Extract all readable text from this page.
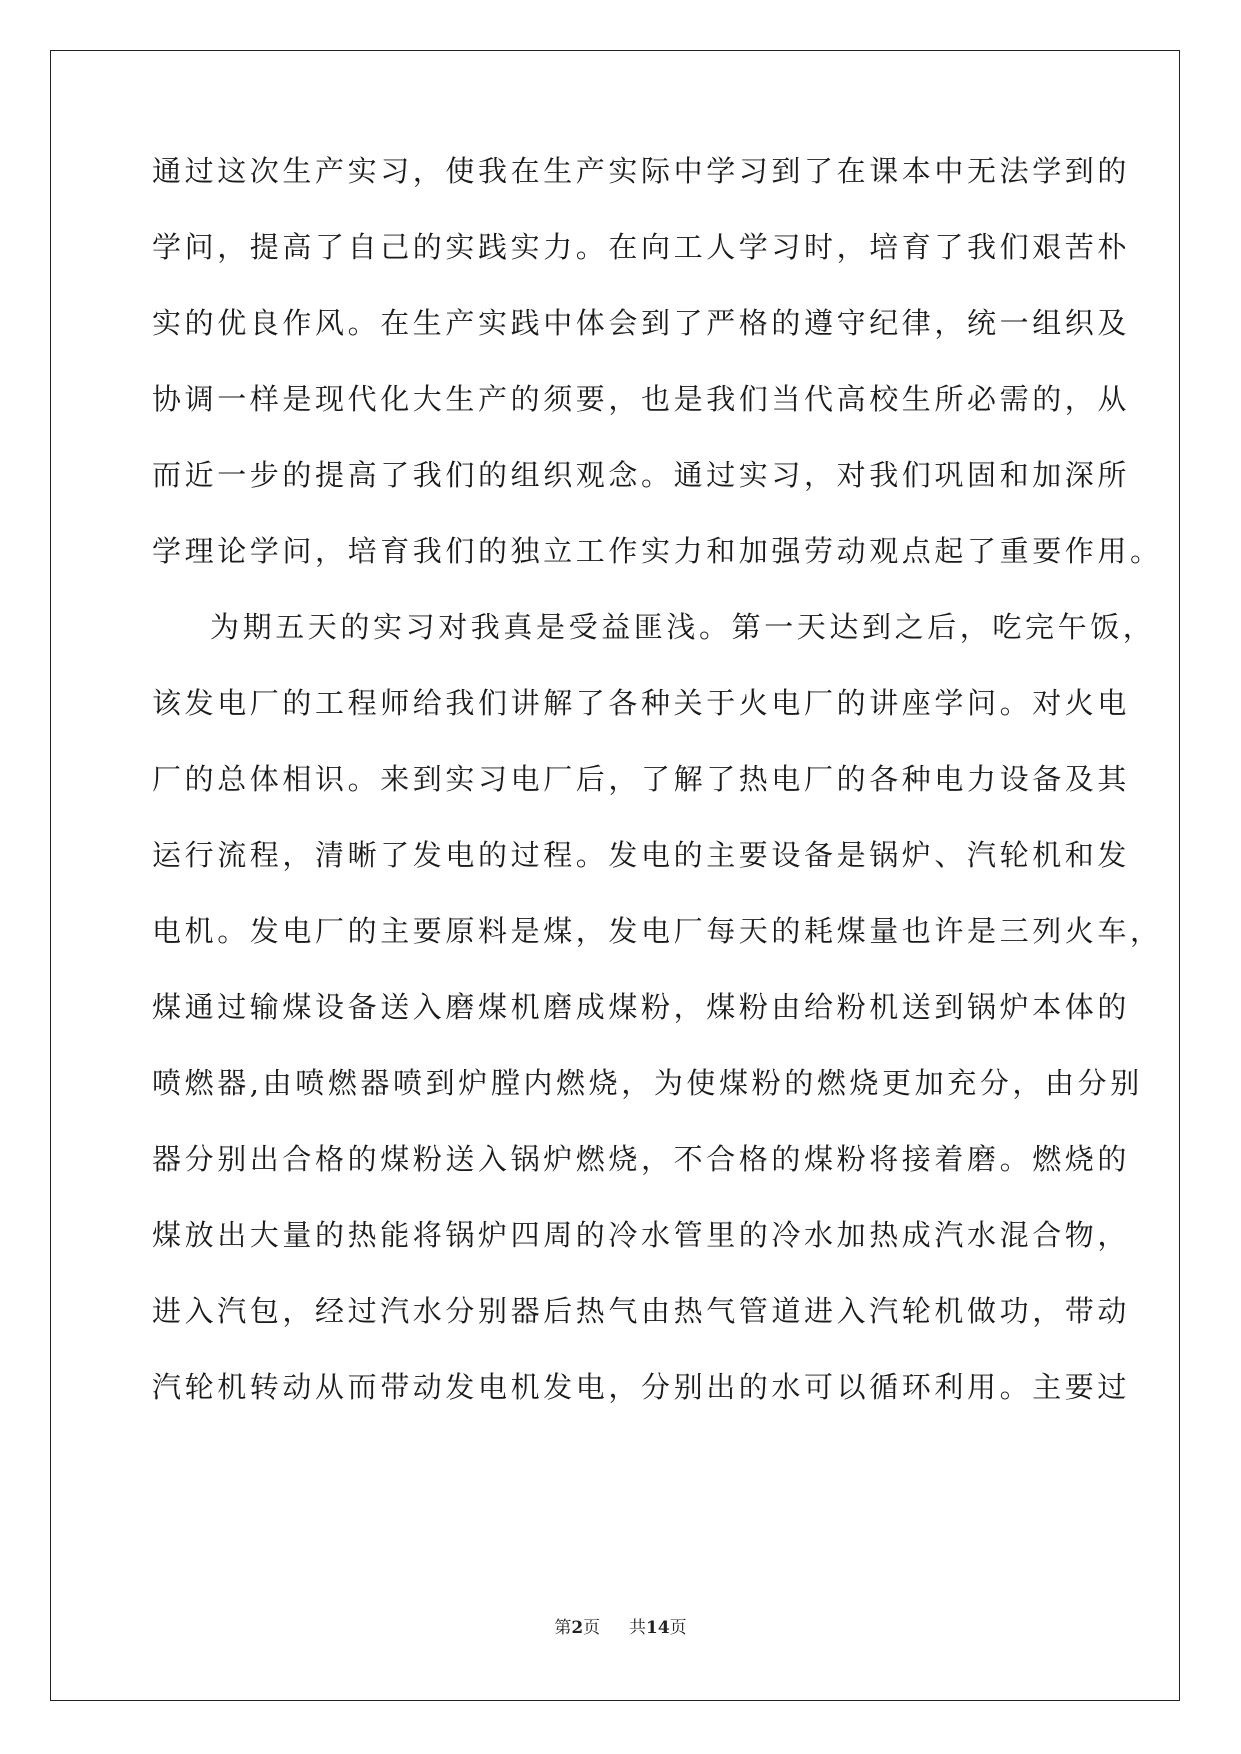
通过这次生产实习，使我在生产实际中学习到了在课本中无法学到的
学问，提高了自己的实践实力。在向工人学习时，培育了我们艰苦朴
实的优良作风。在生产实践中体会到了严格的遵守纪律，统一组织及
协调一样是现代化大生产的须要，也是我们当代高校生所必需的，从
而近一步的提高了我们的组织观念。通过实习，对我们巩固和加深所
学理论学问，培育我们的独立工作实力和加强劳动观点起了重要作用。
为期五天的实习对我真是受益匪浅。第一天达到之后，吃完午饭，
该发电厂的工程师给我们讲解了各种关于火电厂的讲座学问。对火电
厂的总体相识。来到实习电厂后，了解了热电厂的各种电力设备及其
运行流程，清晰了发电的过程。发电的主要设备是锅炉、汽轮机和发
电机。发电厂的主要原料是煤，发电厂每天的耗煤量也许是三列火车，
煤通过输煤设备送入磨煤机磨成煤粉，煤粉由给粉机送到锅炉本体的
喷燃器,由喷燃器喷到炉膛内燃烧，为使煤粉的燃烧更加充分，由分别
器分别出合格的煤粉送入锅炉燃烧，不合格的煤粉将接着磨。燃烧的
煤放出大量的热能将锅炉四周的冷水管里的冷水加热成汽水混合物，
进入汽包，经过汽水分别器后热气由热气管道进入汽轮机做功，带动
汽轮机转动从而带动发电机发电，分别出的水可以循环利用。主要过
第2页 共14页
